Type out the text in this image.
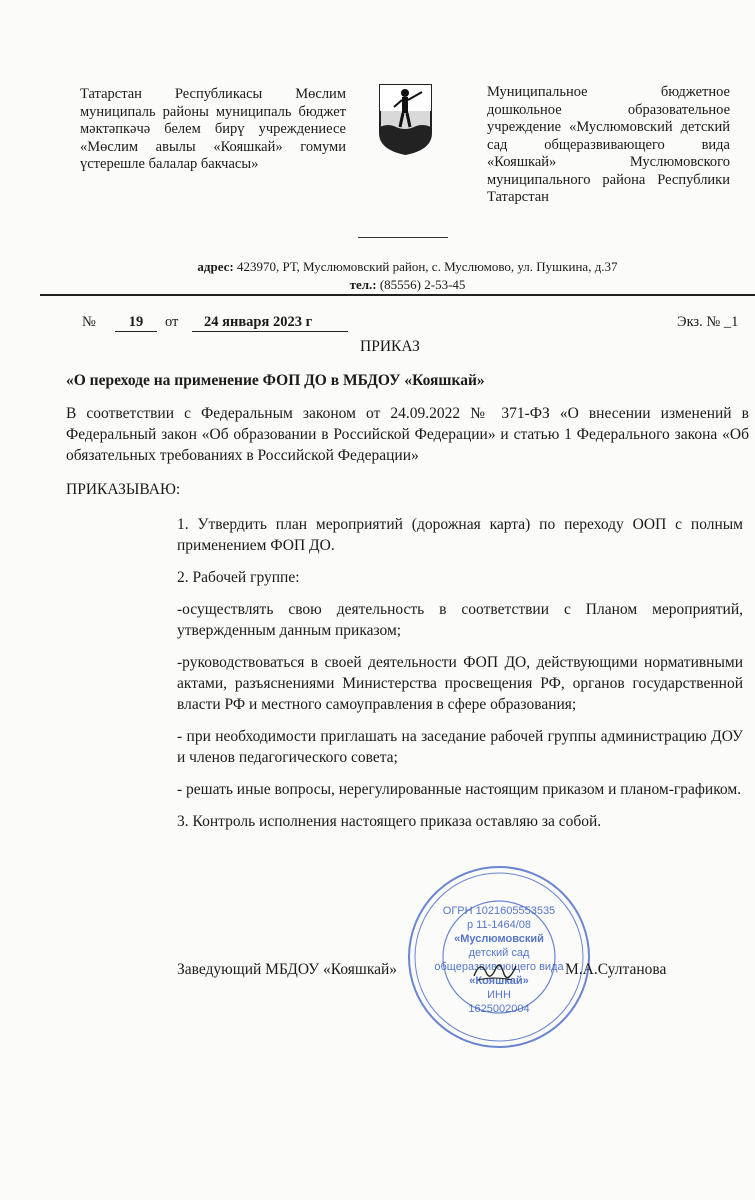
Татарстан Республикасы Мөслим муниципаль районы муниципаль бюджет мәктәпкәчә белем бирү учреждениесе «Мөслим авылы «Кояшкай» гомуми үстерешле балалар бакчасы»
Муниципальное бюджетное дошкольное образовательное учреждение «Муслюмовский детский сад общеразвивающего вида «Кояшкай» Муслюмовского муниципального района Республики Татарстан
адрес: 423970, РТ, Муслюмовский район, с. Муслюмово, ул. Пушкина, д.37
тел.: (85556) 2-53-45
№	19	от	24 января 2023 г	Экз. № _1
ПРИКАЗ
«О переходе на применение ФОП ДО в МБДОУ «Кояшкай»
В соответствии с Федеральным законом от 24.09.2022 № 371-ФЗ «О внесении изменений в Федеральный закон «Об образовании в Российской Федерации» и статью 1 Федерального закона «Об обязательных требованиях в Российской Федерации»
ПРИКАЗЫВАЮ:

1. Утвердить план мероприятий (дорожная карта) по переходу ООП с полным применением ФОП ДО.

2. Рабочей группе:

-осуществлять свою деятельность в соответствии с Планом мероприятий, утвержденным данным приказом;

-руководствоваться в своей деятельности ФОП ДО, действующими нормативными актами, разъяснениями Министерства просвещения РФ, органов государственной власти РФ и местного самоуправления в сфере образования;

- при необходимости приглашать на заседание рабочей группы администрацию ДОУ и членов педагогического совета;

- решать иные вопросы, нерегулированные настоящим приказом и планом-графиком.

3. Контроль исполнения настоящего приказа оставляю за собой.

ОГРН 1021605553535
р 11-1464/08
«Муслюмовский
детский сад
общеразвивающего вида
«Кояшкай»
ИНН
1625002004
Заведующий МБДОУ «Кояшкай»	М.А.Султанова
